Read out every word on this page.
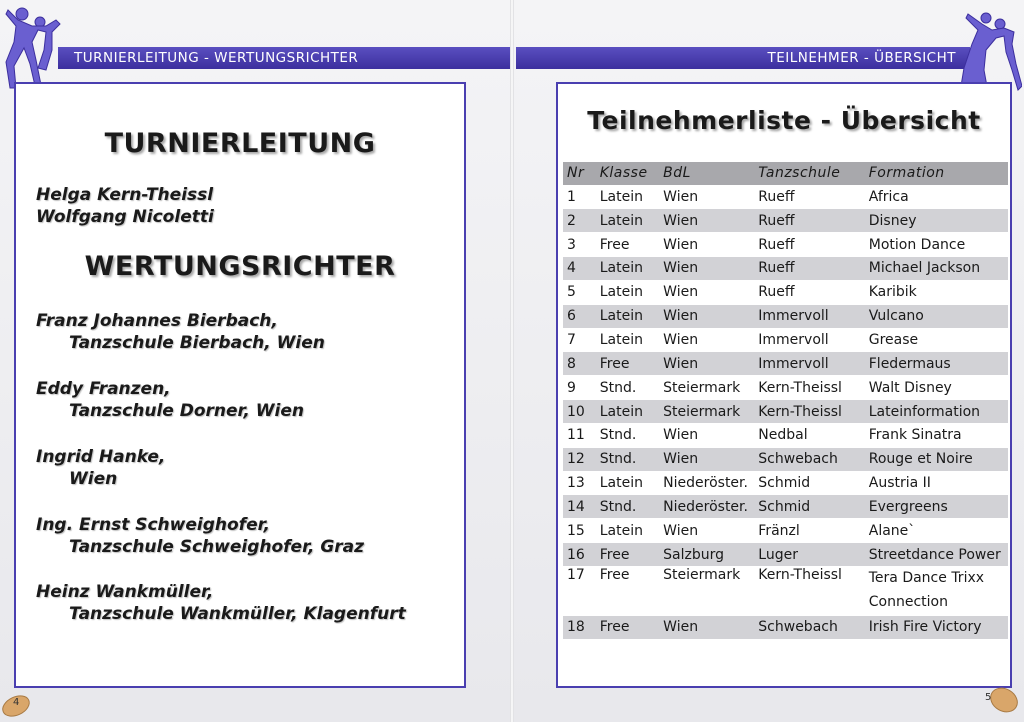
TURNIERLEITUNG - WERTUNGSRICHTER	TEILNEHMER - ÜBERSICHT
TURNIERLEITUNG
Helga Kern-Theissl
Wolfgang Nicoletti
WERTUNGSRICHTER
Franz Johannes Bierbach,
Tanzschule Bierbach, Wien
Eddy Franzen,
Tanzschule Dorner, Wien
Ingrid Hanke,
Wien
Ing. Ernst Schweighofer,
Tanzschule Schweighofer, Graz
Heinz Wankmüller,
Tanzschule Wankmüller, Klagenfurt
Teilnehmerliste - Übersicht
Nr	Klasse	BdL	Tanzschule	Formation
1	Latein	Wien	Rueff	Africa
2	Latein	Wien	Rueff	Disney
3	Free	Wien	Rueff	Motion Dance
4	Latein	Wien	Rueff	Michael Jackson
5	Latein	Wien	Rueff	Karibik
6	Latein	Wien	Immervoll	Vulcano
7	Latein	Wien	Immervoll	Grease
8	Free	Wien	Immervoll	Fledermaus
9	Stnd.	Steiermark	Kern-Theissl	Walt Disney
10	Latein	Steiermark	Kern-Theissl	Lateinformation
11	Stnd.	Wien	Nedbal	Frank Sinatra
12	Stnd.	Wien	Schwebach	Rouge et Noire
13	Latein	Niederöster.	Schmid	Austria II
14	Stnd.	Niederöster.	Schmid	Evergreens
15	Latein	Wien	Fränzl	Alane`
16	Free	Salzburg	Luger	Streetdance Power
17	Free	Steiermark	Kern-Theissl	Tera Dance Trixx Connection
18	Free	Wien	Schwebach	Irish Fire Victory
4	5
